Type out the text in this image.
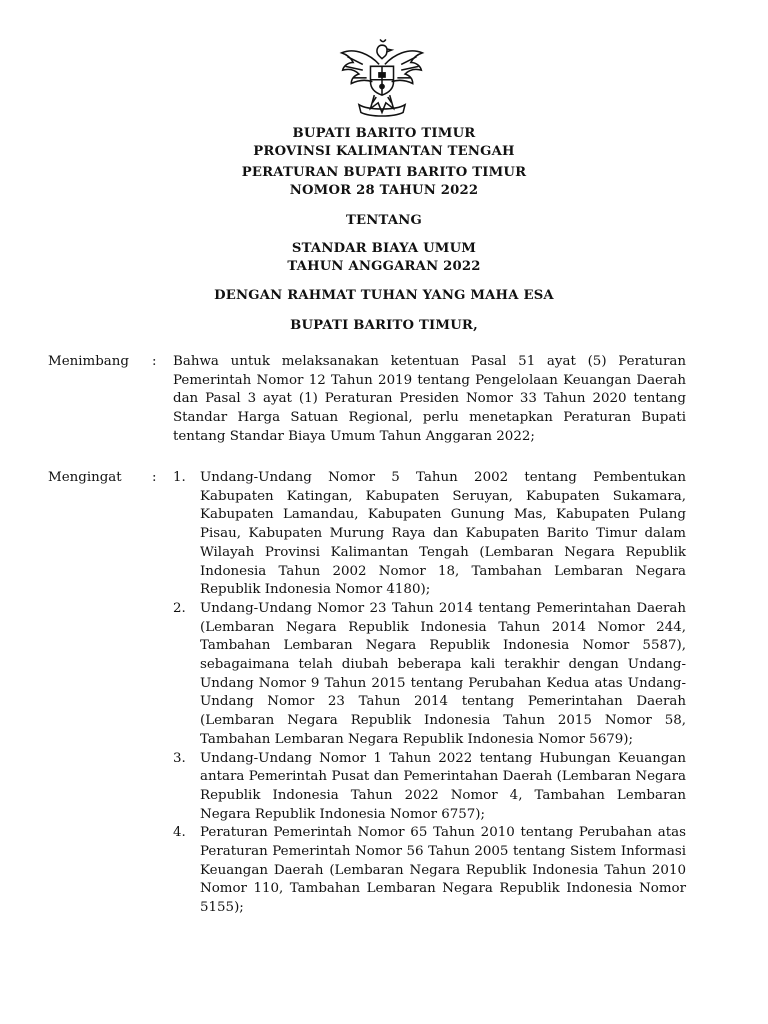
BUPATI BARITO TIMUR
PROVINSI KALIMANTAN TENGAH
PERATURAN BUPATI BARITO TIMUR
NOMOR 28 TAHUN 2022
TENTANG
STANDAR BIAYA UMUM
TAHUN ANGGARAN 2022
DENGAN RAHMAT TUHAN YANG MAHA ESA
BUPATI BARITO TIMUR,
Menimbang : Bahwa untuk melaksanakan ketentuan Pasal 51 ayat (5) Peraturan Pemerintah Nomor 12 Tahun 2019 tentang Pengelolaan Keuangan Daerah dan Pasal 3 ayat (1) Peraturan Presiden Nomor 33 Tahun 2020 tentang Standar Harga Satuan Regional, perlu menetapkan Peraturan Bupati tentang Standar Biaya Umum Tahun Anggaran 2022;
Mengingat : 1. Undang-Undang Nomor 5 Tahun 2002 tentang Pembentukan Kabupaten Katingan, Kabupaten Seruyan, Kabupaten Sukamara, Kabupaten Lamandau, Kabupaten Gunung Mas, Kabupaten Pulang Pisau, Kabupaten Murung Raya dan Kabupaten Barito Timur dalam Wilayah Provinsi Kalimantan Tengah (Lembaran Negara Republik Indonesia Tahun 2002 Nomor 18, Tambahan Lembaran Negara Republik Indonesia Nomor 4180);
2. Undang-Undang Nomor 23 Tahun 2014 tentang Pemerintahan Daerah (Lembaran Negara Republik Indonesia Tahun 2014 Nomor 244, Tambahan Lembaran Negara Republik Indonesia Nomor 5587), sebagaimana telah diubah beberapa kali terakhir dengan Undang-Undang Nomor 9 Tahun 2015 tentang Perubahan Kedua atas Undang-Undang Nomor 23 Tahun 2014 tentang Pemerintahan Daerah (Lembaran Negara Republik Indonesia Tahun 2015 Nomor 58, Tambahan Lembaran Negara Republik Indonesia Nomor 5679);
3. Undang-Undang Nomor 1 Tahun 2022 tentang Hubungan Keuangan antara Pemerintah Pusat dan Pemerintahan Daerah (Lembaran Negara Republik Indonesia Tahun 2022 Nomor 4, Tambahan Lembaran Negara Republik Indonesia Nomor 6757);
4. Peraturan Pemerintah Nomor 65 Tahun 2010 tentang Perubahan atas Peraturan Pemerintah Nomor 56 Tahun 2005 tentang Sistem Informasi Keuangan Daerah (Lembaran Negara Republik Indonesia Tahun 2010 Nomor 110, Tambahan Lembaran Negara Republik Indonesia Nomor 5155);
